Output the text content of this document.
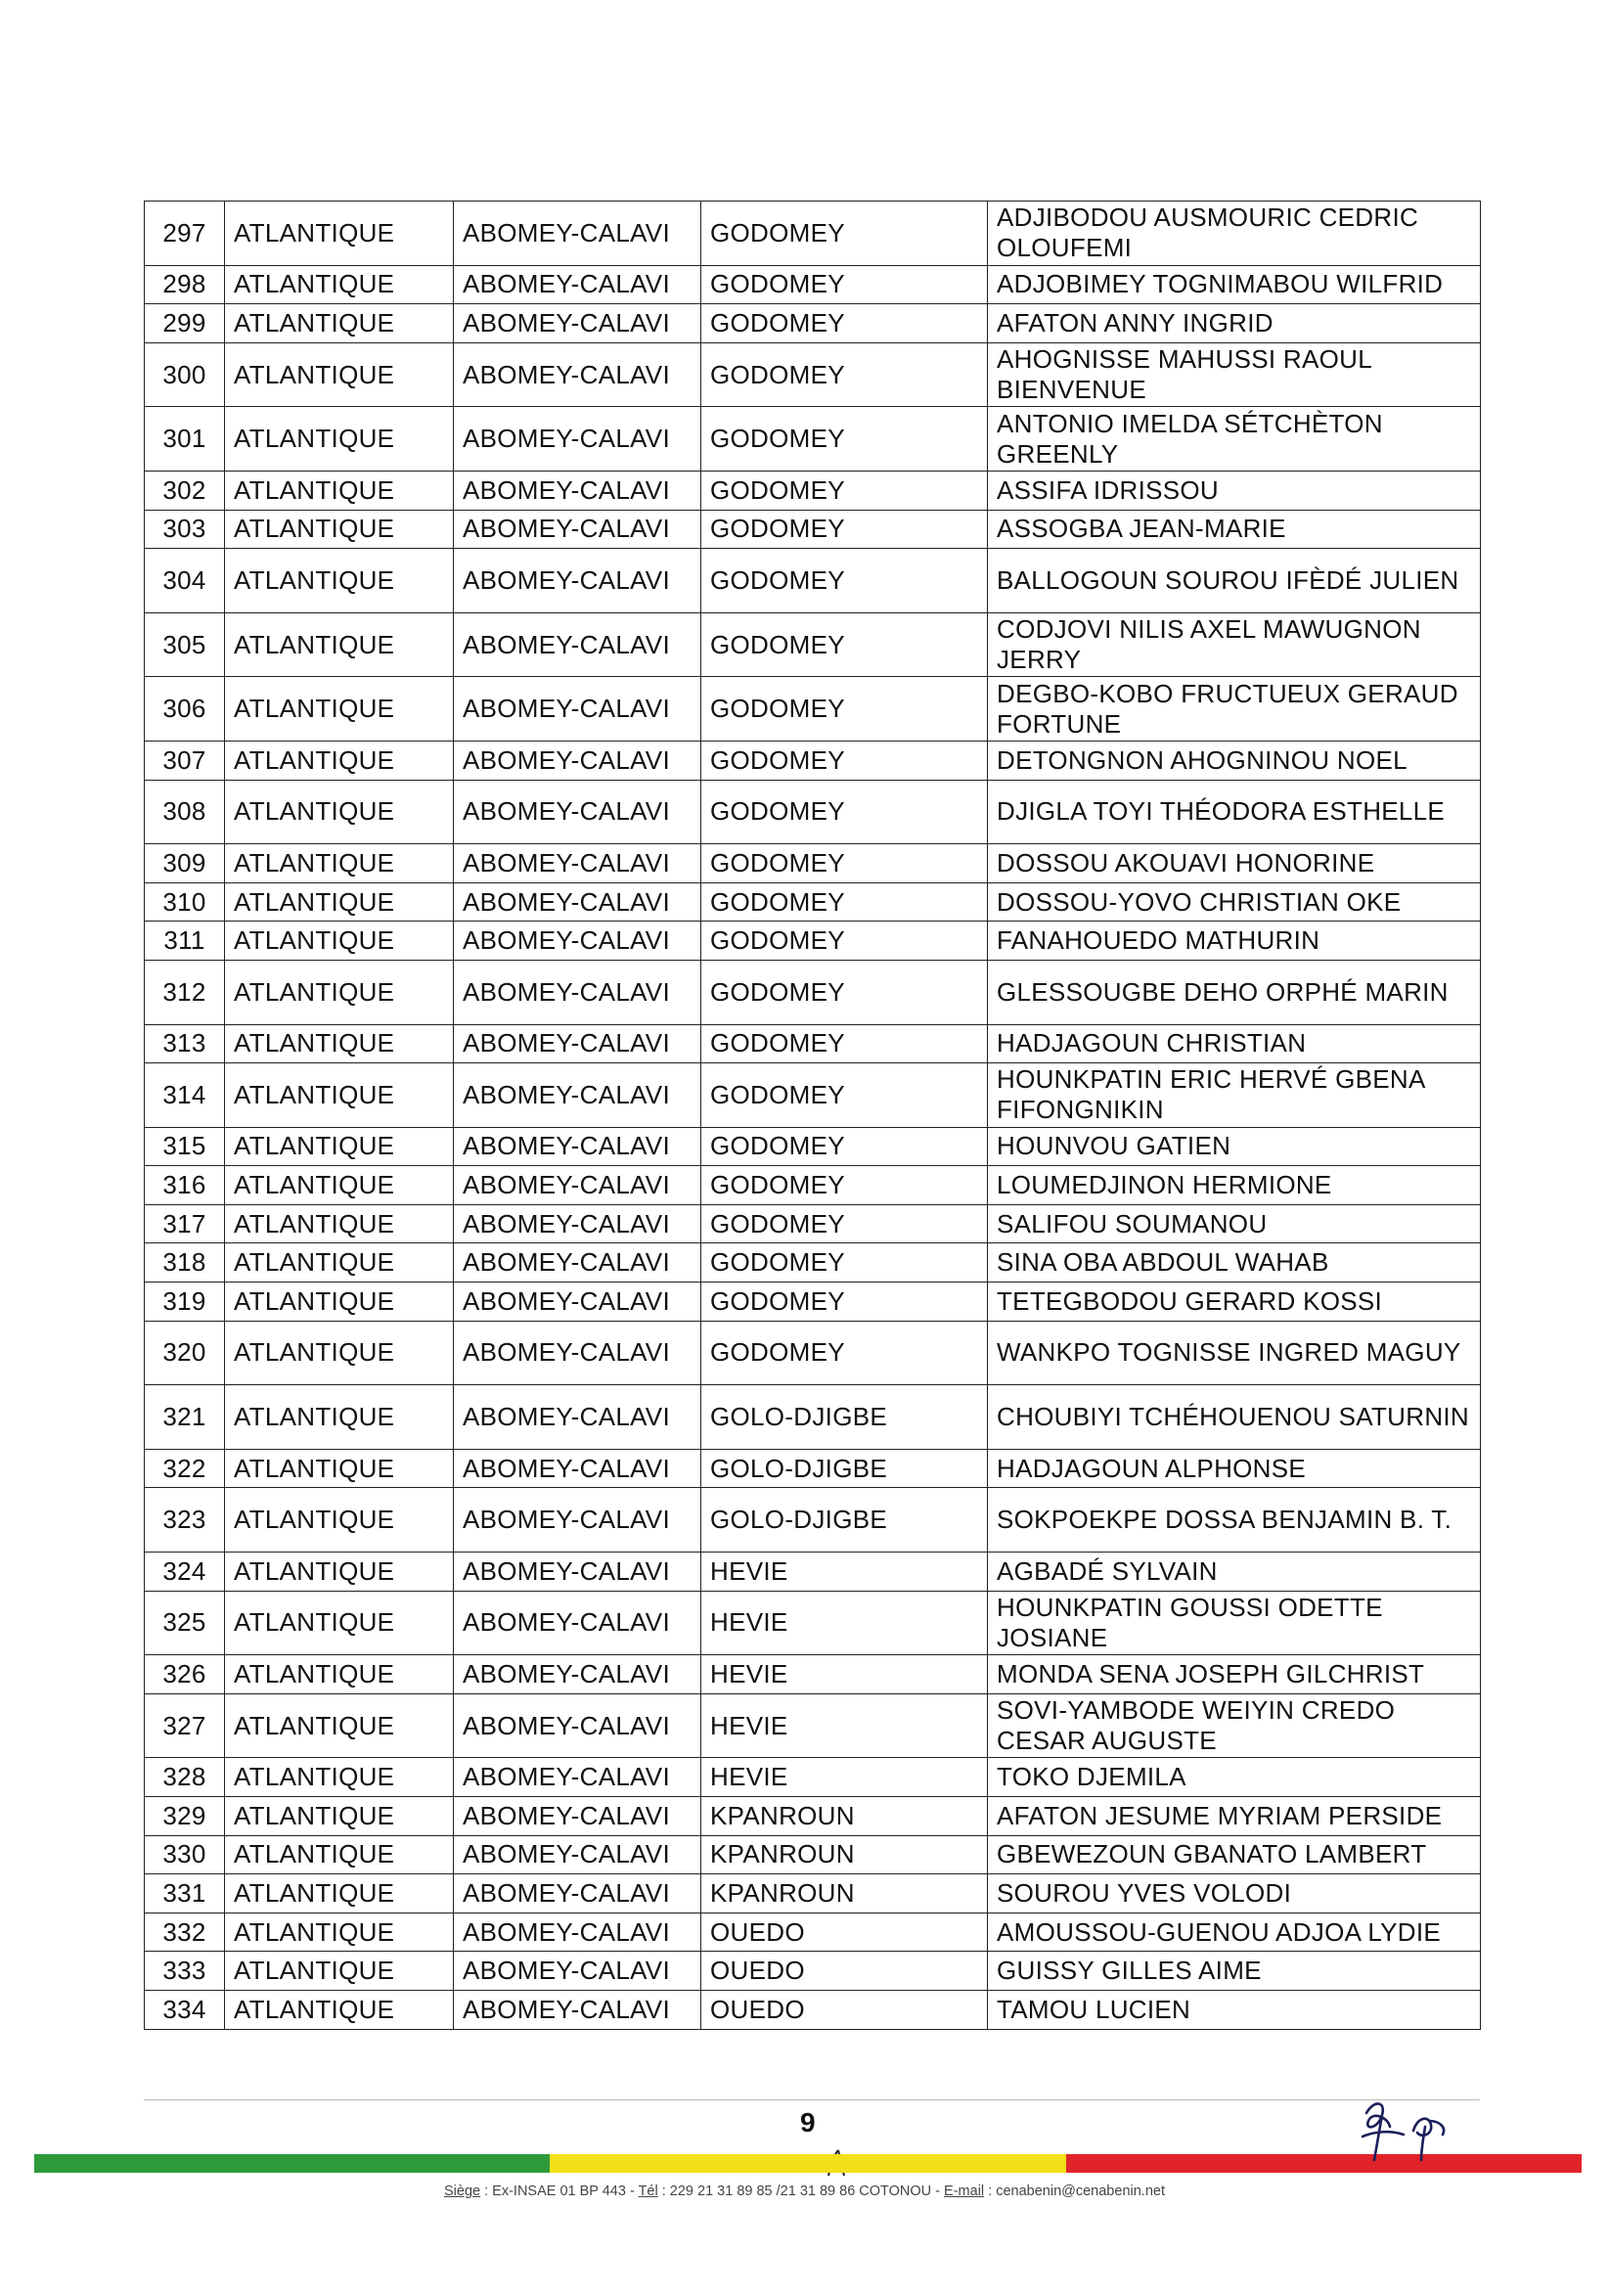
297	ATLANTIQUE	ABOMEY-CALAVI	GODOMEY	ADJIBODOU AUSMOURIC CEDRIC OLOUFEMI
298	ATLANTIQUE	ABOMEY-CALAVI	GODOMEY	ADJOBIMEY TOGNIMABOU WILFRID
299	ATLANTIQUE	ABOMEY-CALAVI	GODOMEY	AFATON ANNY INGRID
300	ATLANTIQUE	ABOMEY-CALAVI	GODOMEY	AHOGNISSE MAHUSSI RAOUL BIENVENUE
301	ATLANTIQUE	ABOMEY-CALAVI	GODOMEY	ANTONIO IMELDA SÉTCHÈTON GREENLY
302	ATLANTIQUE	ABOMEY-CALAVI	GODOMEY	ASSIFA IDRISSOU
303	ATLANTIQUE	ABOMEY-CALAVI	GODOMEY	ASSOGBA JEAN-MARIE
304	ATLANTIQUE	ABOMEY-CALAVI	GODOMEY	BALLOGOUN SOUROU IFÈDÉ JULIEN
305	ATLANTIQUE	ABOMEY-CALAVI	GODOMEY	CODJOVI NILIS AXEL MAWUGNON JERRY
306	ATLANTIQUE	ABOMEY-CALAVI	GODOMEY	DEGBO-KOBO FRUCTUEUX GERAUD FORTUNE
307	ATLANTIQUE	ABOMEY-CALAVI	GODOMEY	DETONGNON AHOGNINOU NOEL
308	ATLANTIQUE	ABOMEY-CALAVI	GODOMEY	DJIGLA TOYI THÉODORA ESTHELLE
309	ATLANTIQUE	ABOMEY-CALAVI	GODOMEY	DOSSOU AKOUAVI HONORINE
310	ATLANTIQUE	ABOMEY-CALAVI	GODOMEY	DOSSOU-YOVO CHRISTIAN OKE
311	ATLANTIQUE	ABOMEY-CALAVI	GODOMEY	FANAHOUEDO MATHURIN
312	ATLANTIQUE	ABOMEY-CALAVI	GODOMEY	GLESSOUGBE DEHO ORPHÉ MARIN
313	ATLANTIQUE	ABOMEY-CALAVI	GODOMEY	HADJAGOUN CHRISTIAN
314	ATLANTIQUE	ABOMEY-CALAVI	GODOMEY	HOUNKPATIN ERIC HERVÉ GBENA FIFONGNIKIN
315	ATLANTIQUE	ABOMEY-CALAVI	GODOMEY	HOUNVOU GATIEN
316	ATLANTIQUE	ABOMEY-CALAVI	GODOMEY	LOUMEDJINON HERMIONE
317	ATLANTIQUE	ABOMEY-CALAVI	GODOMEY	SALIFOU SOUMANOU
318	ATLANTIQUE	ABOMEY-CALAVI	GODOMEY	SINA OBA ABDOUL WAHAB
319	ATLANTIQUE	ABOMEY-CALAVI	GODOMEY	TETEGBODOU GERARD KOSSI
320	ATLANTIQUE	ABOMEY-CALAVI	GODOMEY	WANKPO TOGNISSE INGRED MAGUY
321	ATLANTIQUE	ABOMEY-CALAVI	GOLO-DJIGBE	CHOUBIYI TCHÉHOUENOU SATURNIN
322	ATLANTIQUE	ABOMEY-CALAVI	GOLO-DJIGBE	HADJAGOUN ALPHONSE
323	ATLANTIQUE	ABOMEY-CALAVI	GOLO-DJIGBE	SOKPOEKPE DOSSA BENJAMIN B. T.
324	ATLANTIQUE	ABOMEY-CALAVI	HEVIE	AGBADÉ SYLVAIN
325	ATLANTIQUE	ABOMEY-CALAVI	HEVIE	HOUNKPATIN GOUSSI ODETTE JOSIANE
326	ATLANTIQUE	ABOMEY-CALAVI	HEVIE	MONDA SENA JOSEPH GILCHRIST
327	ATLANTIQUE	ABOMEY-CALAVI	HEVIE	SOVI-YAMBODE WEIYIN CREDO CESAR AUGUSTE
328	ATLANTIQUE	ABOMEY-CALAVI	HEVIE	TOKO DJEMILA
329	ATLANTIQUE	ABOMEY-CALAVI	KPANROUN	AFATON JESUME MYRIAM PERSIDE
330	ATLANTIQUE	ABOMEY-CALAVI	KPANROUN	GBEWEZOUN GBANATO LAMBERT
331	ATLANTIQUE	ABOMEY-CALAVI	KPANROUN	SOUROU YVES VOLODI
332	ATLANTIQUE	ABOMEY-CALAVI	OUEDO	AMOUSSOU-GUENOU ADJOA LYDIE
333	ATLANTIQUE	ABOMEY-CALAVI	OUEDO	GUISSY GILLES AIME
334	ATLANTIQUE	ABOMEY-CALAVI	OUEDO	TAMOU LUCIEN
9
Siège : Ex-INSAE 01 BP 443 - Tél : 229 21 31 89 85 /21 31 89 86 COTONOU - E-mail : cenabenin@cenabenin.net
